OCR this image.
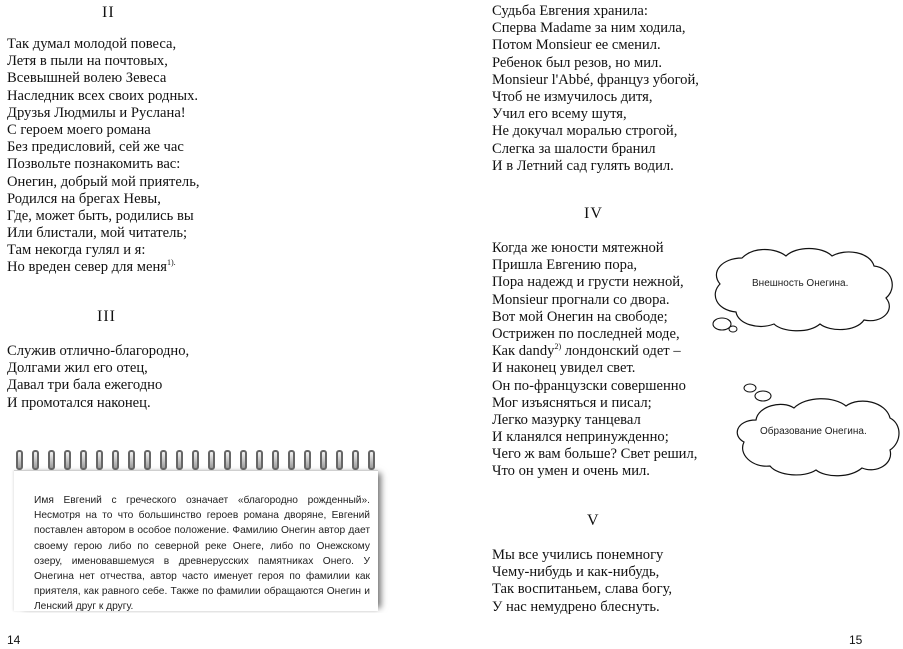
II
Так думал молодой повеса,
Летя в пыли на почтовых,
Всевышней волею Зевеса
Наследник всех своих родных.
Друзья Людмилы и Руслана!
С героем моего романа
Без предисловий, сей же час
Позвольте познакомить вас:
Онегин, добрый мой приятель,
Родился на брегах Невы,
Где, может быть, родились вы
Или блистали, мой читатель;
Там некогда гулял и я:
Но вреден север для меня$^{1).}$
III
Служив отлично-благородно,
Долгами жил его отец,
Давал три бала ежегодно
И промотался наконец.
Имя Евгений с греческого означает «благородно рожденный». Несмотря на то что большинство героев романа дворяне, Евгений поставлен автором в особое положение. Фамилию Онегин автор дает своему герою либо по северной реке Онеге, либо по Онежскому озеру, именовавшемуся в древнерусских памятниках Онего. У Онегина нет отчества, автор часто именует героя по фамилии как приятеля, как равного себе. Также по фамилии обращаются Онегин и Ленский друг к другу.
14
Судьба Евгения хранила:
Сперва Madame за ним ходила,
Потом Monsieur ее сменил.
Ребенок был резов, но мил.
Monsieur l'Abbé, француз убогой,
Чтоб не измучилось дитя,
Учил его всему шутя,
Не докучал моралью строгой,
Слегка за шалости бранил
И в Летний сад гулять водил.
IV
Когда же юности мятежной
Пришла Евгению пора,
Пора надежд и грусти нежной,
Monsieur прогнали со двора.
Вот мой Онегин на свободе;
Острижен по последней моде,
Как dandy$^{2)}$ лондонский одет –
И наконец увидел свет.
Он по-французски совершенно
Мог изъясняться и писал;
Легко мазурку танцевал
И кланялся непринужденно;
Чего ж вам больше? Свет решил,
Что он умен и очень мил.
V
Мы все учились понемногу
Чему-нибудь и как-нибудь,
Так воспитаньем, слава богу,
У нас немудрено блеснуть.
Внешность Онегина.
Образование Онегина.
15
